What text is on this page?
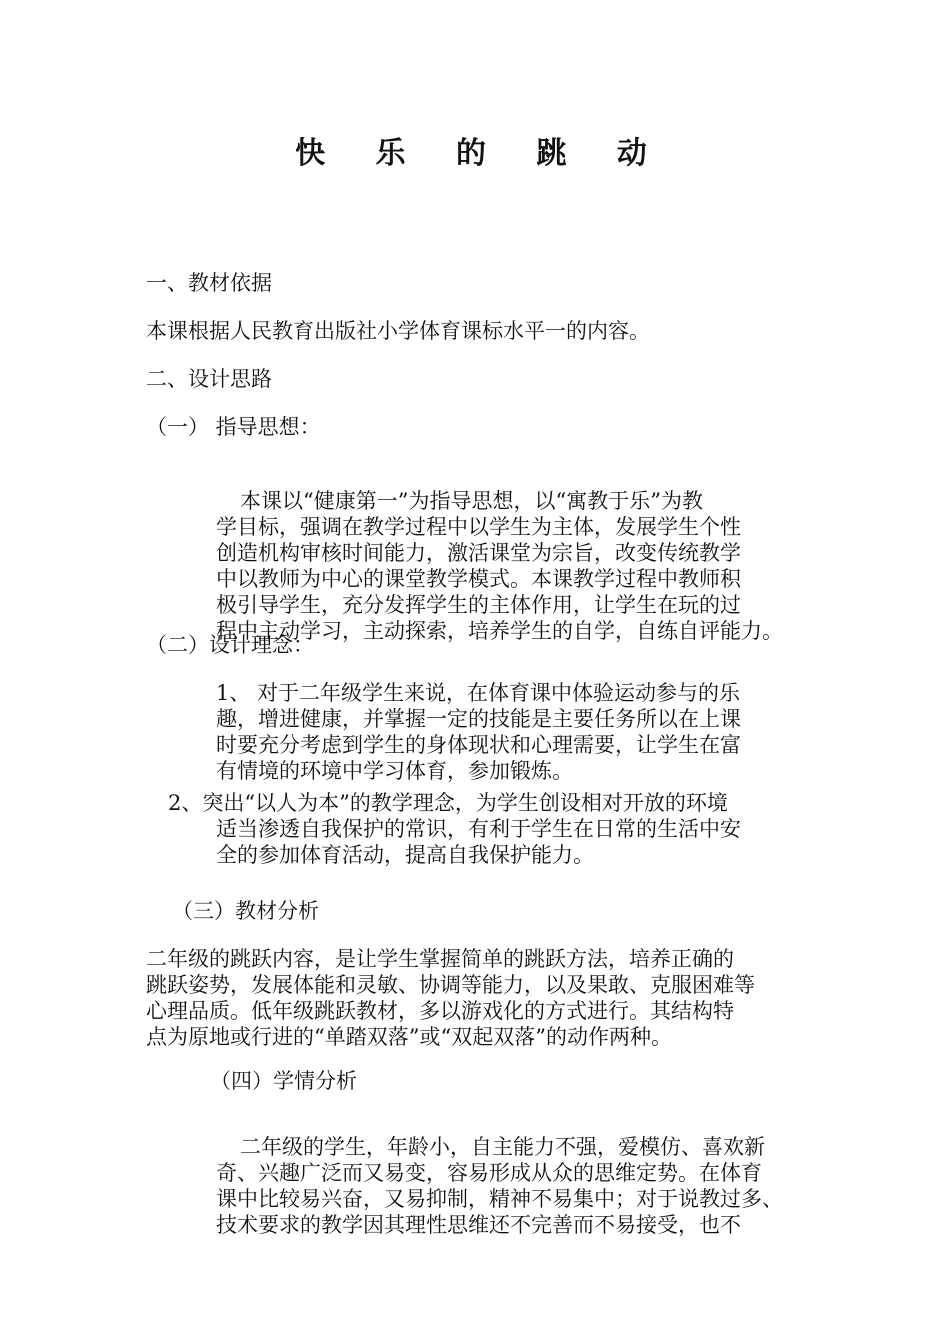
快 乐 的 跳 动
一、教材依据
本课根据人民教育出版社小学体育课标水平一的内容。
二、设计思路
（一） 指导思想：

本课以“健康第一”为指导思想，以“寓教于乐”为教
学目标，强调在教学过程中以学生为主体，发展学生个性
创造机构审核时间能力，激活课堂为宗旨，改变传统教学
中以教师为中心的课堂教学模式。本课教学过程中教师积
极引导学生，充分发挥学生的主体作用，让学生在玩的过
程中主动学习，主动探索，培养学生的自学，自练自评能力。

（二）设计理念：
1、 对于二年级学生来说，在体育课中体验运动参与的乐
趣，增进健康，并掌握一定的技能是主要任务所以在上课
时要充分考虑到学生的身体现状和心理需要，让学生在富
有情境的环境中学习体育，参加锻炼。
2、突出“以人为本”的教学理念，为学生创设相对开放的环境
适当渗透自我保护的常识，有利于学生在日常的生活中安
全的参加体育活动，提高自我保护能力。
（三）教材分析
二年级的跳跃内容，是让学生掌握简单的跳跃方法，培养正确的
跳跃姿势，发展体能和灵敏、协调等能力，以及果敢、克服困难等
心理品质。低年级跳跃教材，多以游戏化的方式进行。其结构特
点为原地或行进的“单踏双落”或“双起双落”的动作两种。
（四）学情分析

二年级的学生，年龄小，自主能力不强，爱模仿、喜欢新
奇、兴趣广泛而又易变，容易形成从众的思维定势。在体育
课中比较易兴奋，又易抑制，精神不易集中；对于说教过多、
技术要求的教学因其理性思维还不完善而不易接受，也不
